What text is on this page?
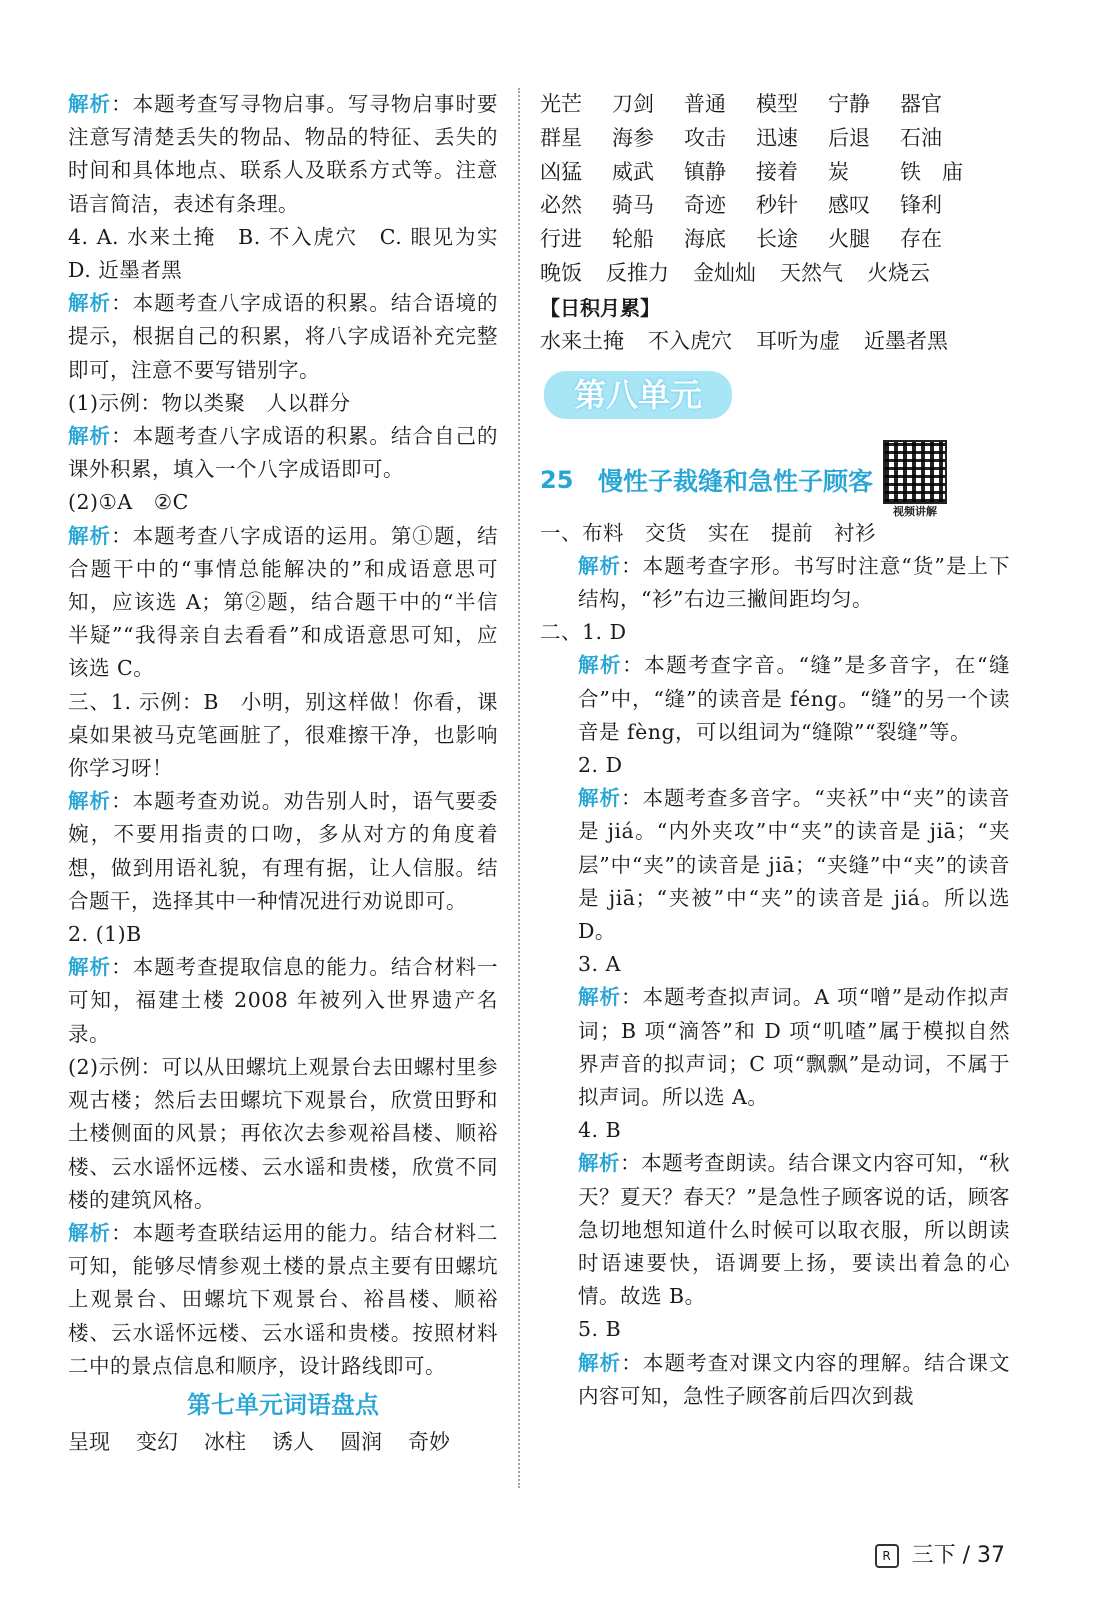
解析：本题考查写寻物启事。写寻物启事时要注意写清楚丢失的物品、物品的特征、丢失的时间和具体地点、联系人及联系方式等。注意语言简洁，表述有条理。

4. A. 水来土掩　B. 不入虎穴　C. 眼见为实　D. 近墨者黑

解析：本题考查八字成语的积累。结合语境的提示，根据自己的积累，将八字成语补充完整即可，注意不要写错别字。

(1)示例：物以类聚　人以群分

解析：本题考查八字成语的积累。结合自己的课外积累，填入一个八字成语即可。

(2)①A　②C

解析：本题考查八字成语的运用。第①题，结合题干中的“事情总能解决的”和成语意思可知，应该选 A；第②题，结合题干中的“半信半疑”“我得亲自去看看”和成语意思可知，应该选 C。

三、1. 示例：B　小明，别这样做！你看，课桌如果被马克笔画脏了，很难擦干净，也影响你学习呀！

解析：本题考查劝说。劝告别人时，语气要委婉，不要用指责的口吻，多从对方的角度着想，做到用语礼貌，有理有据，让人信服。结合题干，选择其中一种情况进行劝说即可。

2. (1)B

解析：本题考查提取信息的能力。结合材料一可知，福建土楼 2008 年被列入世界遗产名录。

(2)示例：可以从田螺坑上观景台去田螺村里参观古楼；然后去田螺坑下观景台，欣赏田野和土楼侧面的风景；再依次去参观裕昌楼、顺裕楼、云水谣怀远楼、云水谣和贵楼，欣赏不同楼的建筑风格。

解析：本题考查联结运用的能力。结合材料二可知，能够尽情参观土楼的景点主要有田螺坑上观景台、田螺坑下观景台、裕昌楼、顺裕楼、云水谣怀远楼、云水谣和贵楼。按照材料二中的景点信息和顺序，设计路线即可。

第七单元词语盘点
呈现 变幻 冰柱 诱人 圆润 奇妙
光芒	刀剑	普通	模型	宁静	器官
群星	海参	攻击	迅速	后退	石油
凶猛	威武	镇静	接着	炭	铁　庙
必然	骑马	奇迹	秒针	感叹	锋利
行进	轮船	海底	长途	火腿	存在
晚饭 反推力 金灿灿 天然气 火烧云
【日积月累】
水来土掩 不入虎穴 耳听为虚 近墨者黑
第八单元
25 慢性子裁缝和急性子顾客
视频讲解

一、布料　交货　实在　提前　衬衫

解析：本题考查字形。书写时注意“货”是上下结构，“衫”右边三撇间距均匀。

二、1. D

解析：本题考查字音。“缝”是多音字，在“缝合”中，“缝”的读音是 féng。“缝”的另一个读音是 fèng，可以组词为“缝隙”“裂缝”等。

2. D

解析：本题考查多音字。“夹袄”中“夹”的读音是 jiá。“内外夹攻”中“夹”的读音是 jiā；“夹层”中“夹”的读音是 jiā；“夹缝”中“夹”的读音是 jiā；“夹被”中“夹”的读音是 jiá。所以选 D。

3. A

解析：本题考查拟声词。A 项“噌”是动作拟声词；B 项“滴答”和 D 项“叽喳”属于模拟自然界声音的拟声词；C 项“飘飘”是动词，不属于拟声词。所以选 A。

4. B

解析：本题考查朗读。结合课文内容可知，“秋天？夏天？春天？”是急性子顾客说的话，顾客急切地想知道什么时候可以取衣服，所以朗读时语速要快，语调要上扬，要读出着急的心情。故选 B。

5. B

解析：本题考查对课文内容的理解。结合课文内容可知，急性子顾客前后四次到裁

R 三下 / 37
